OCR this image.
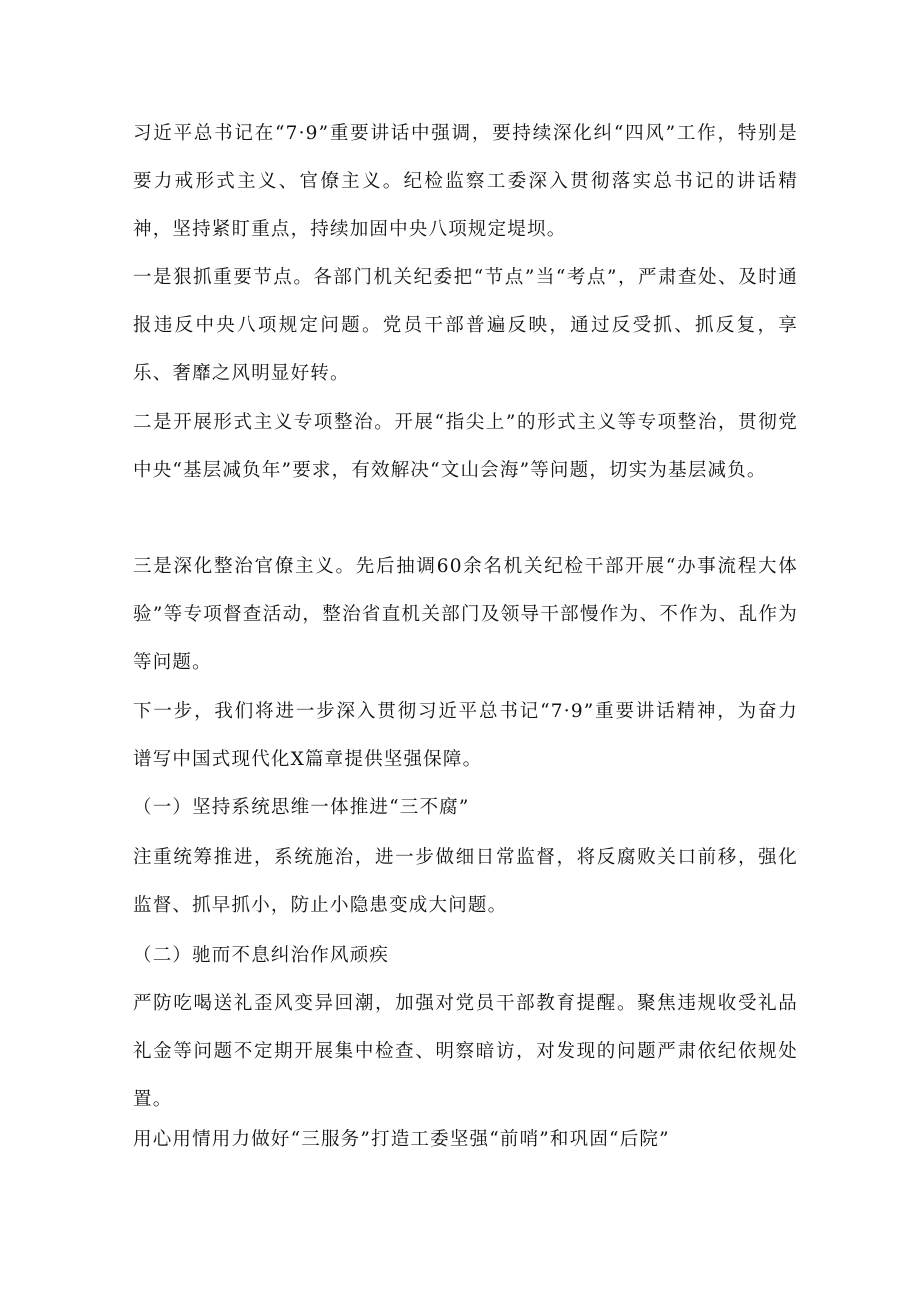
习近平总书记在“7·9”重要讲话中强调，要持续深化纠“四风”工作，特别是要力戒形式主义、官僚主义。纪检监察工委深入贯彻落实总书记的讲话精神，坚持紧盯重点，持续加固中央八项规定堤坝。

一是狠抓重要节点。各部门机关纪委把“节点”当“考点”，严肃查处、及时通报违反中央八项规定问题。党员干部普遍反映，通过反受抓、抓反复，享乐、奢靡之风明显好转。

二是开展形式主义专项整治。开展“指尖上”的形式主义等专项整治，贯彻党中央“基层减负年”要求，有效解决“文山会海”等问题，切实为基层减负。

三是深化整治官僚主义。先后抽调60余名机关纪检干部开展“办事流程大体验”等专项督查活动，整治省直机关部门及领导干部慢作为、不作为、乱作为等问题。

下一步，我们将进一步深入贯彻习近平总书记“7·9”重要讲话精神，为奋力谱写中国式现代化X篇章提供坚强保障。

（一）坚持系统思维一体推进“三不腐”

注重统筹推进，系统施治，进一步做细日常监督，将反腐败关口前移，强化监督、抓早抓小，防止小隐患变成大问题。

（二）驰而不息纠治作风顽疾

严防吃喝送礼歪风变异回潮，加强对党员干部教育提醒。聚焦违规收受礼品礼金等问题不定期开展集中检查、明察暗访，对发现的问题严肃依纪依规处置。

用心用情用力做好“三服务”打造工委坚强“前哨”和巩固“后院”
